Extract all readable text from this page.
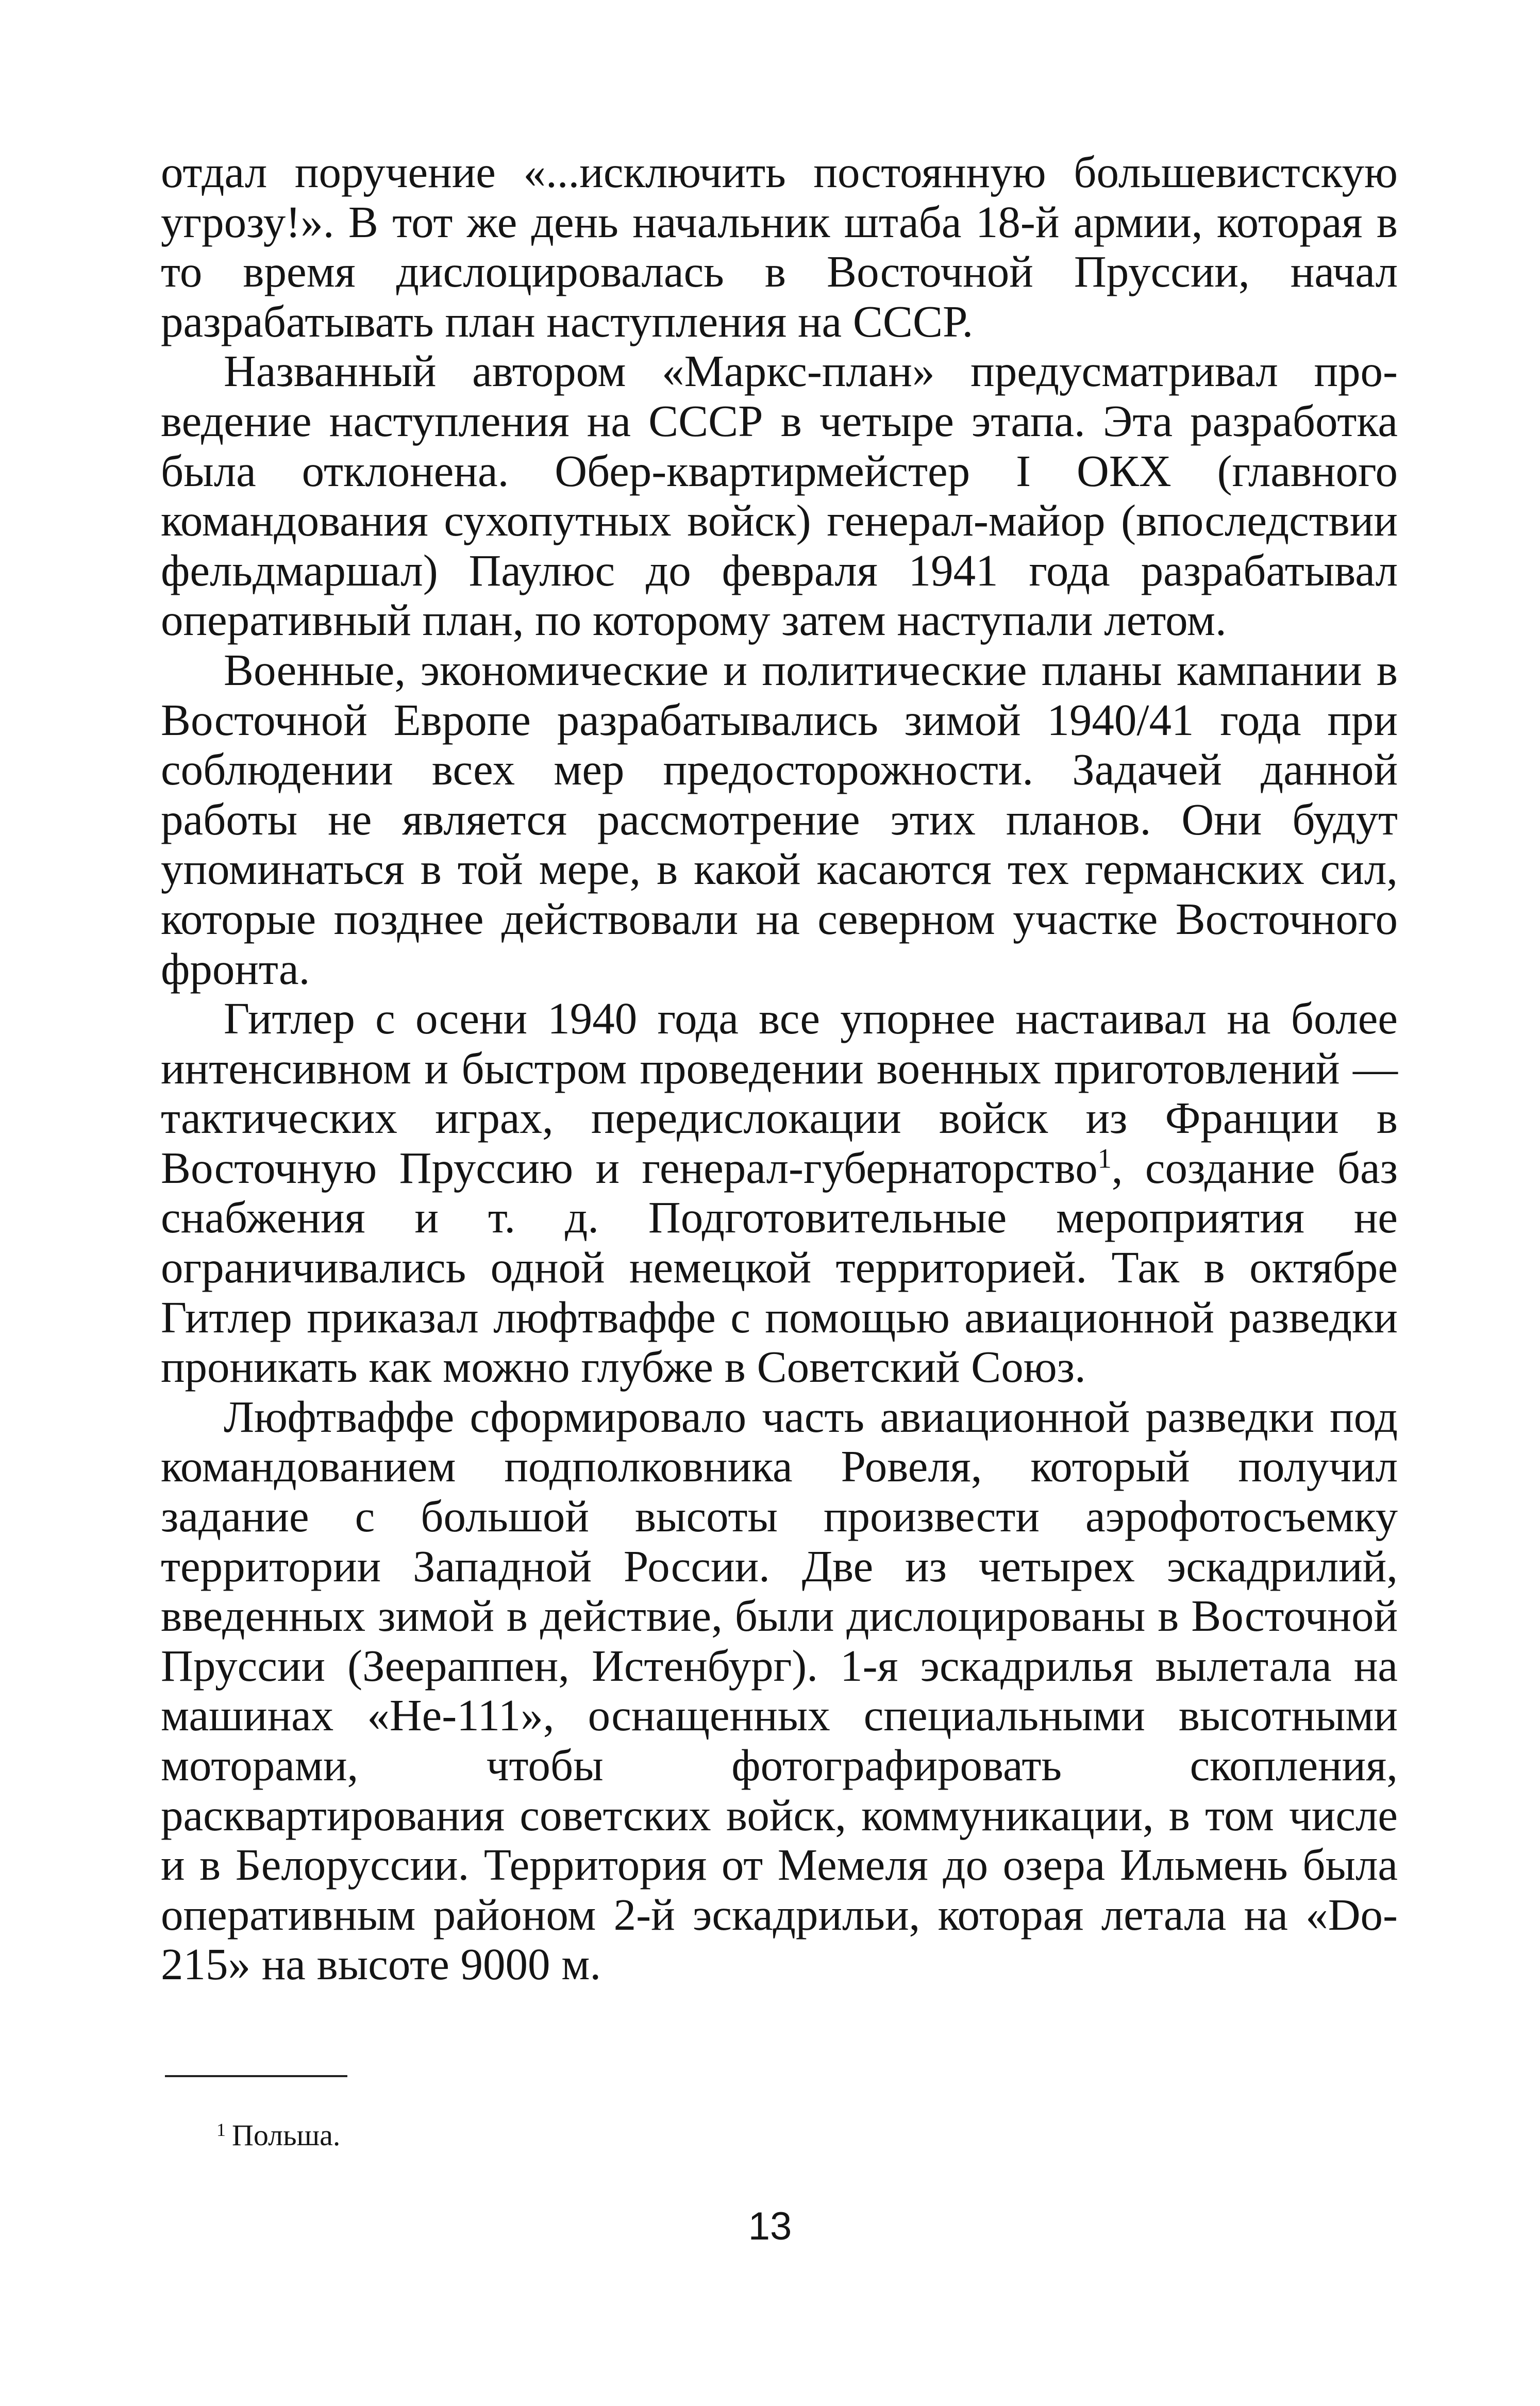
отдал поручение «...исключить постоянную большевистскую угрозу!». В тот же день начальник штаба 18-й армии, которая в то время дислоцировалась в Восточной Пруссии, начал разрабатывать план наступления на СССР.

Названный автором «Маркс-план» предусматривал проведение наступления на СССР в четыре этапа. Эта разработка была отклонена. Обер-квартирмейстер I ОКХ (главного командования сухопутных войск) генерал-майор (впоследствии фельдмаршал) Паулюс до февраля 1941 года разрабатывал оперативный план, по которому затем наступали летом.

Военные, экономические и политические планы кампании в Восточной Европе разрабатывались зимой 1940/41 года при соблюдении всех мер предосторожности. Задачей данной работы не является рассмотрение этих планов. Они будут упоминаться в той мере, в какой касаются тех германских сил, которые позднее действовали на северном участке Восточного фронта.

Гитлер с осени 1940 года все упорнее настаивал на более интенсивном и быстром проведении военных приготовлений — тактических играх, передислокации войск из Франции в Восточную Пруссию и генерал-губернаторство$^1$, создание баз снабжения и т. д. Подготовительные мероприятия не ограничивались одной немецкой территорией. Так в октябре Гитлер приказал люфтваффе с помощью авиационной разведки проникать как можно глубже в Советский Союз.

Люфтваффе сформировало часть авиационной разведки под командованием подполковника Ровеля, который получил задание с большой высоты произвести аэрофотосъемку территории Западной России. Две из четырех эскадрилий, введенных зимой в действие, были дислоцированы в Восточной Пруссии (Зеераппен, Истенбург). 1-я эскадрилья вылетала на машинах «Не-111», оснащенных специальными высотными моторами, чтобы фотографировать скопления, расквартирования советских войск, коммуникации, в том числе и в Белоруссии. Территория от Мемеля до озера Ильмень была оперативным районом 2-й эскадрильи, которая летала на «Do-215» на высоте 9000 м.

$^1$ Польша.
13
